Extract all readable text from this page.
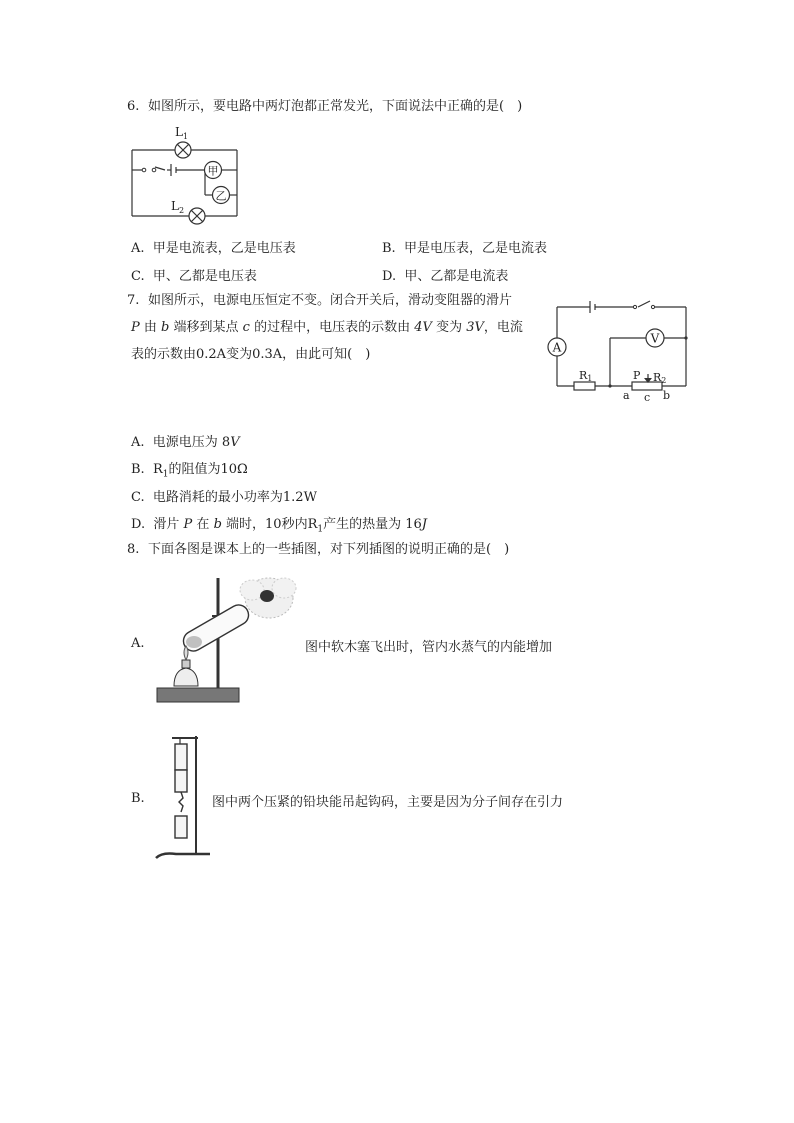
6. 如图所示，要电路中两灯泡都正常发光，下面说法中正确的是(　)
甲
乙
$L_1$
$L_2$
A. 甲是电流表，乙是电压表	B. 甲是电压表，乙是电流表
C. 甲、乙都是电压表	D. 甲、乙都是电流表
7. 如图所示，电源电压恒定不变。闭合开关后，滑动变阻器的滑片
P 由 b 端移到某点 c 的过程中，电压表的示数由 4V 变为 3V，电流
表的示数由0.2A变为0.3A，由此可知(　)	A
V
R1	R2
P
a c b
A. 电源电压为 8V
B. $R_1$的阻值为10Ω
C. 电路消耗的最小功率为1.2W
D. 滑片 P 在 b 端时，10秒内$R_1$产生的热量为 16J
8. 下面各图是课本上的一些插图，对下列插图的说明正确的是(　)
A.	图中软木塞飞出时，管内水蒸气的内能增加
B.	图中两个压紧的铅块能吊起钩码，主要是因为分子间存在引力
